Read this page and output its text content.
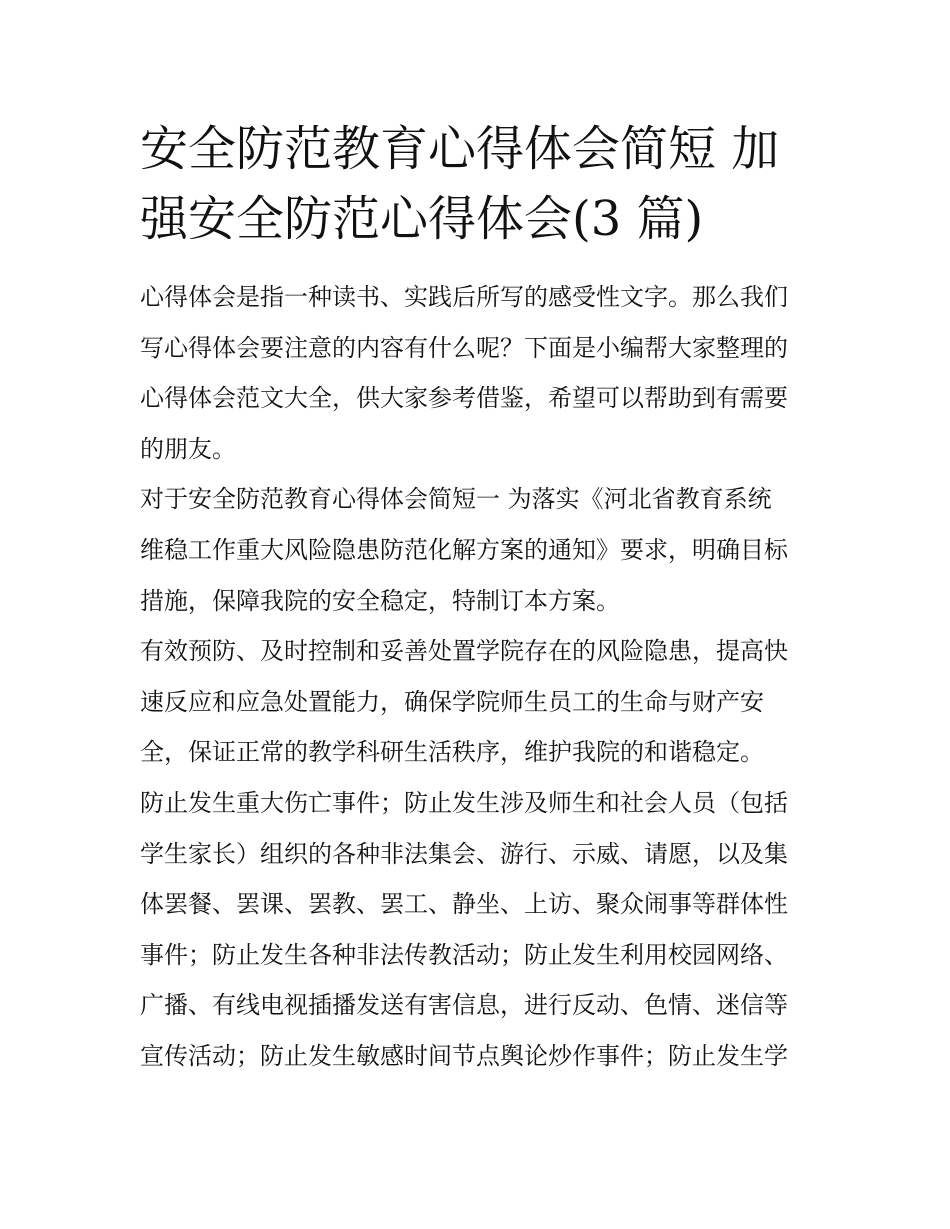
安全防范教育心得体会简短 加
强安全防范心得体会(3 篇)

心得体会是指一种读书、实践后所写的感受性文字。那么我们
写心得体会要注意的内容有什么呢？下面是小编帮大家整理的
心得体会范文大全，供大家参考借鉴，希望可以帮助到有需要
的朋友。

对于安全防范教育心得体会简短一 为落实《河北省教育系统
维稳工作重大风险隐患防范化解方案的通知》要求，明确目标
措施，保障我院的安全稳定，特制订本方案。

有效预防、及时控制和妥善处置学院存在的风险隐患，提高快
速反应和应急处置能力，确保学院师生员工的生命与财产安
全，保证正常的教学科研生活秩序，维护我院的和谐稳定。

防止发生重大伤亡事件；防止发生涉及师生和社会人员（包括
学生家长）组织的各种非法集会、游行、示威、请愿，以及集
体罢餐、罢课、罢教、罢工、静坐、上访、聚众闹事等群体性
事件；防止发生各种非法传教活动；防止发生利用校园网络、
广播、有线电视插播发送有害信息，进行反动、色情、迷信等
宣传活动；防止发生敏感时间节点舆论炒作事件；防止发生学
